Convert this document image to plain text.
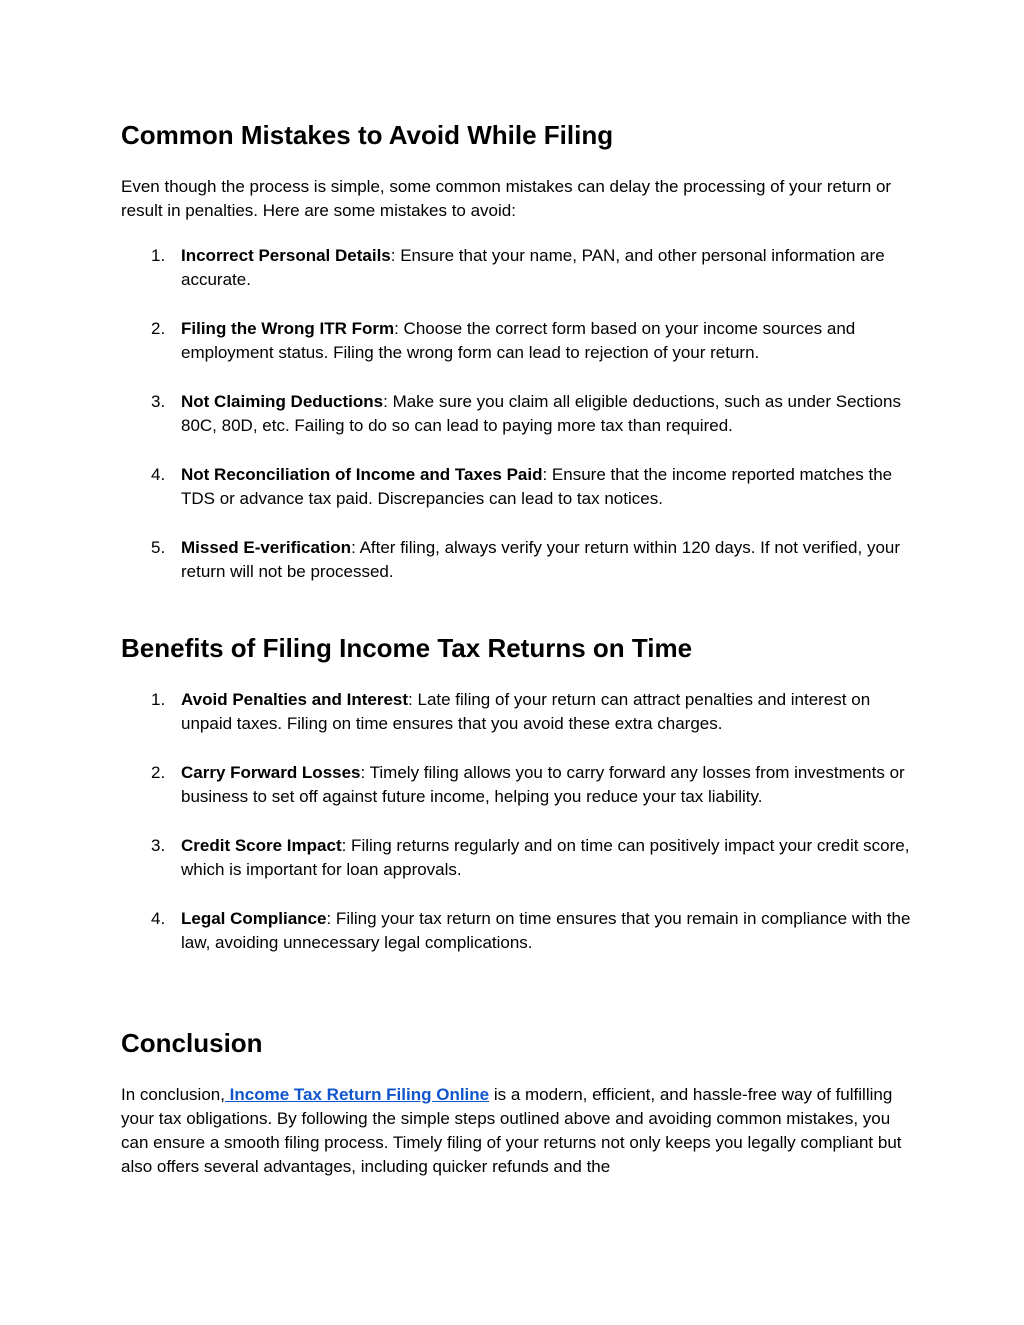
Common Mistakes to Avoid While Filing

Even though the process is simple, some common mistakes can delay the processing of your return or result in penalties. Here are some mistakes to avoid:

1. Incorrect Personal Details: Ensure that your name, PAN, and other personal information are accurate.
2. Filing the Wrong ITR Form: Choose the correct form based on your income sources and employment status. Filing the wrong form can lead to rejection of your return.
3. Not Claiming Deductions: Make sure you claim all eligible deductions, such as under Sections 80C, 80D, etc. Failing to do so can lead to paying more tax than required.
4. Not Reconciliation of Income and Taxes Paid: Ensure that the income reported matches the TDS or advance tax paid. Discrepancies can lead to tax notices.
5. Missed E-verification: After filing, always verify your return within 120 days. If not verified, your return will not be processed.
Benefits of Filing Income Tax Returns on Time
1. Avoid Penalties and Interest: Late filing of your return can attract penalties and interest on unpaid taxes. Filing on time ensures that you avoid these extra charges.
2. Carry Forward Losses: Timely filing allows you to carry forward any losses from investments or business to set off against future income, helping you reduce your tax liability.
3. Credit Score Impact: Filing returns regularly and on time can positively impact your credit score, which is important for loan approvals.
4. Legal Compliance: Filing your tax return on time ensures that you remain in compliance with the law, avoiding unnecessary legal complications.
Conclusion

In conclusion, Income Tax Return Filing Online is a modern, efficient, and hassle-free way of fulfilling your tax obligations. By following the simple steps outlined above and avoiding common mistakes, you can ensure a smooth filing process. Timely filing of your returns not only keeps you legally compliant but also offers several advantages, including quicker refunds and the
